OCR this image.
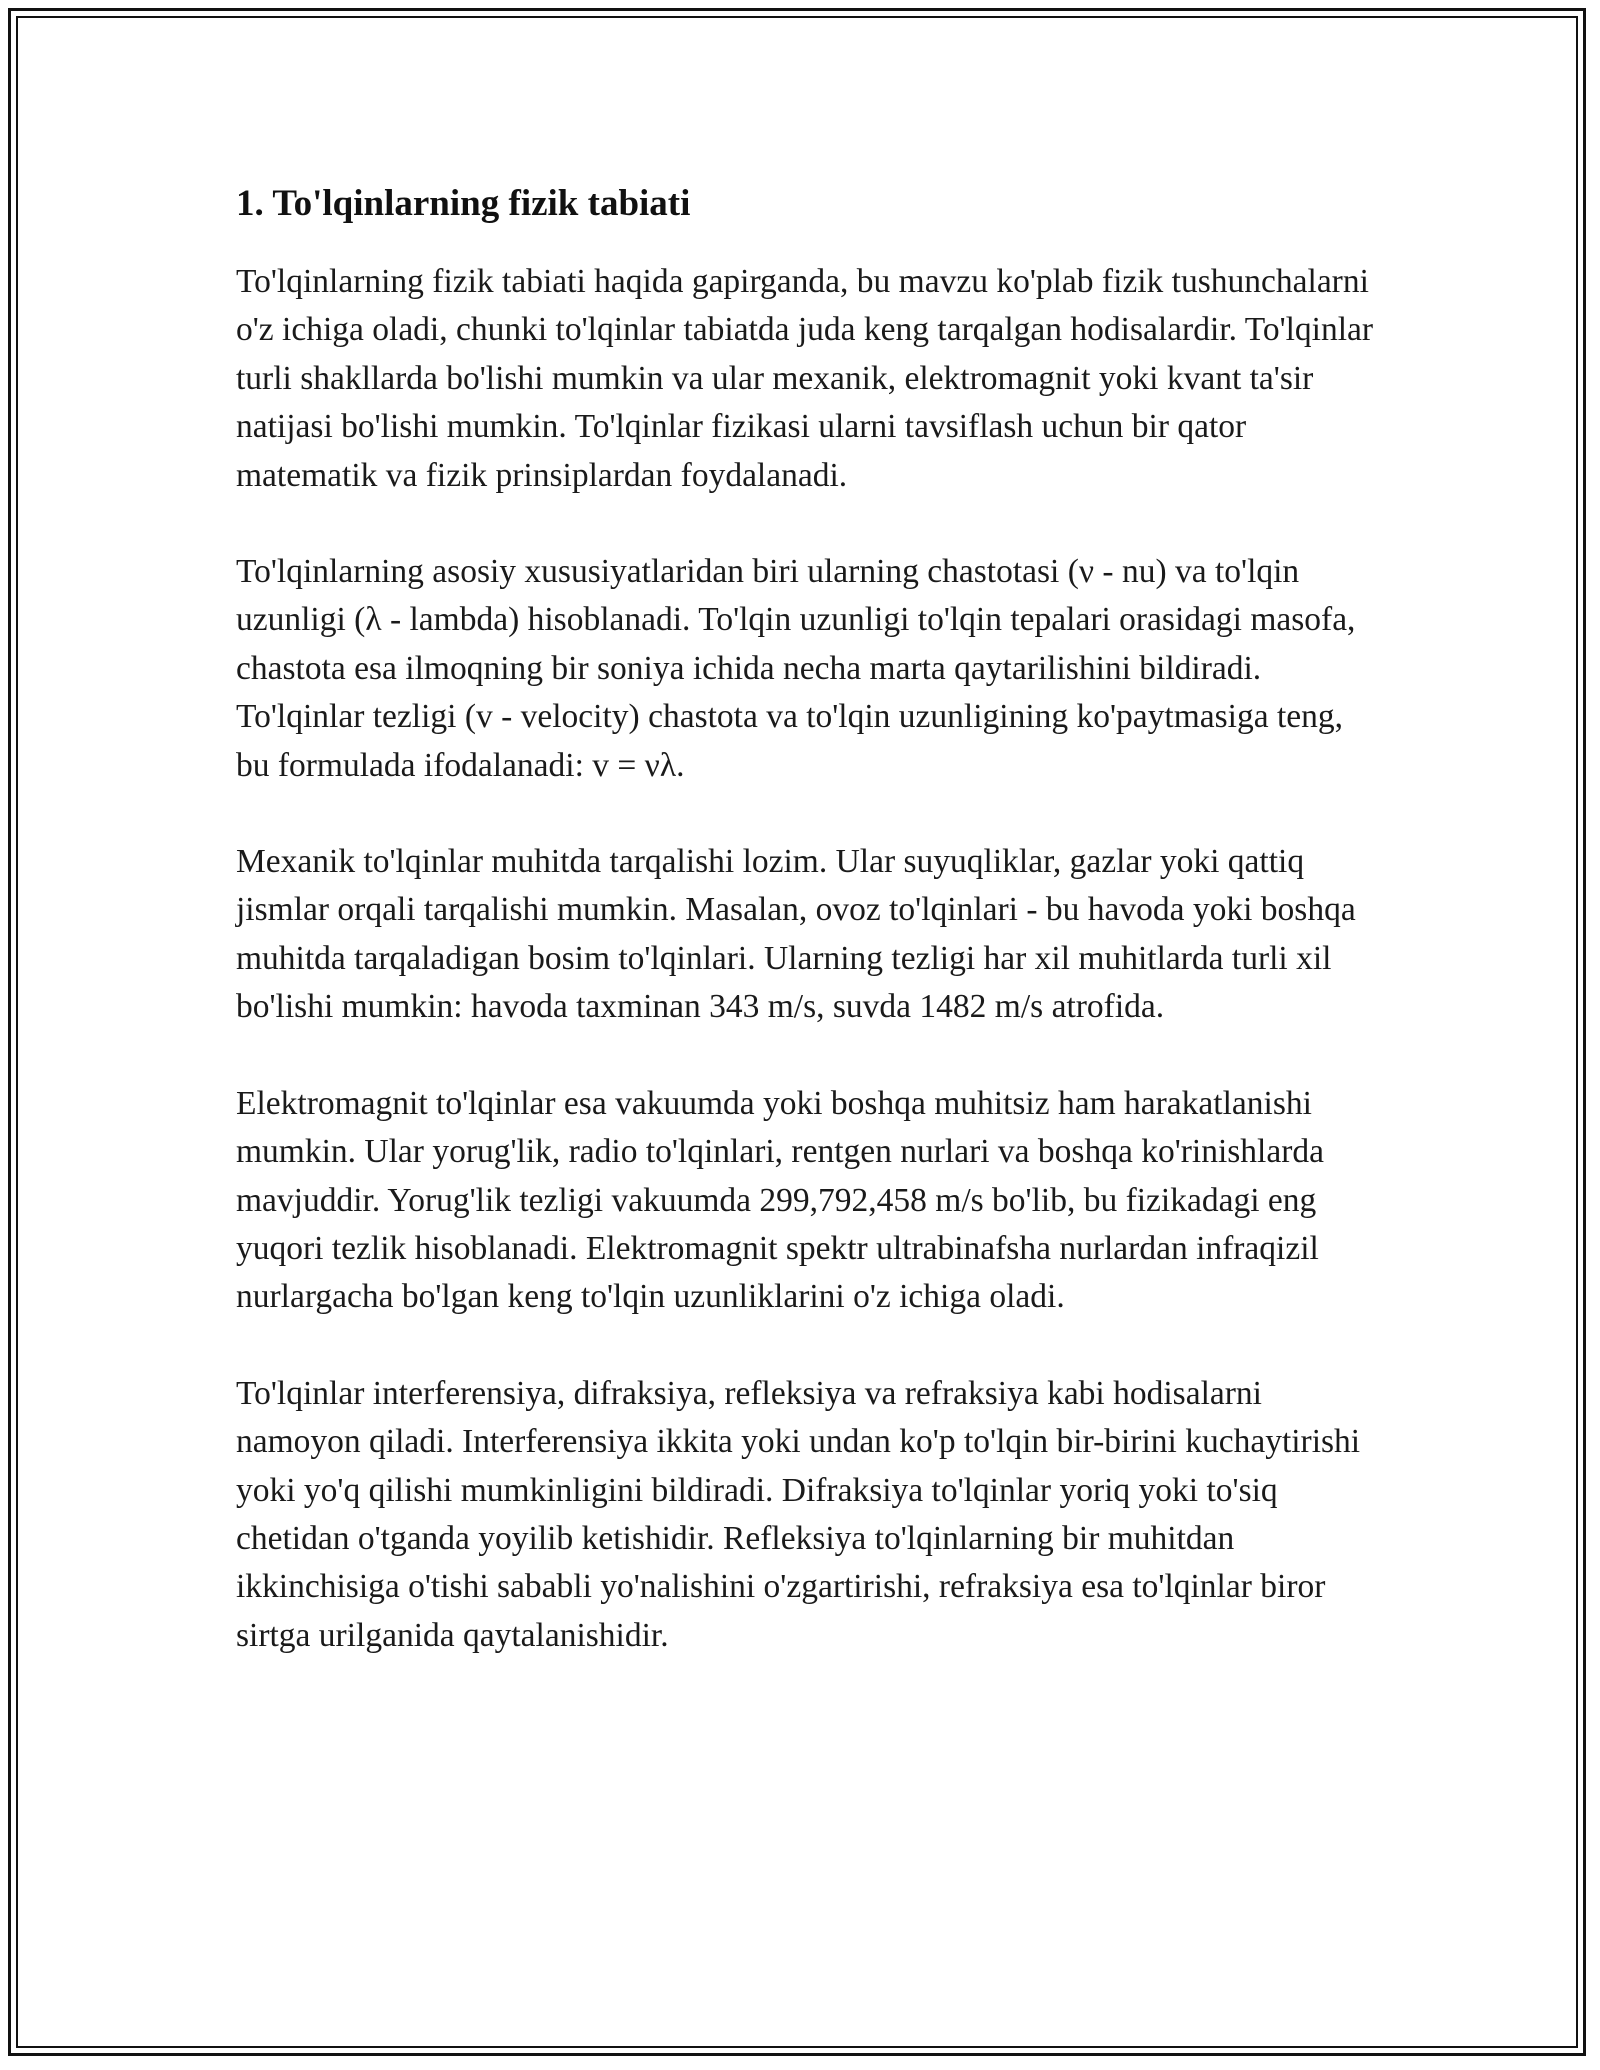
1. To'lqinlarning fizik tabiati

To'lqinlarning fizik tabiati haqida gapirganda, bu mavzu ko'plab fizik tushunchalarni o'z ichiga oladi, chunki to'lqinlar tabiatda juda keng tarqalgan hodisalardir. To'lqinlar turli shakllarda bo'lishi mumkin va ular mexanik, elektromagnit yoki kvant ta'sir natijasi bo'lishi mumkin. To'lqinlar fizikasi ularni tavsiflash uchun bir qator matematik va fizik prinsiplardan foydalanadi.

To'lqinlarning asosiy xususiyatlaridan biri ularning chastotasi (ν - nu) va to'lqin uzunligi (λ - lambda) hisoblanadi. To'lqin uzunligi to'lqin tepalari orasidagi masofa, chastota esa ilmoqning bir soniya ichida necha marta qaytarilishini bildiradi. To'lqinlar tezligi (v - velocity) chastota va to'lqin uzunligining ko'paytmasiga teng, bu formulada ifodalanadi: v = νλ.

Mexanik to'lqinlar muhitda tarqalishi lozim. Ular suyuqliklar, gazlar yoki qattiq jismlar orqali tarqalishi mumkin. Masalan, ovoz to'lqinlari - bu havoda yoki boshqa muhitda tarqaladigan bosim to'lqinlari. Ularning tezligi har xil muhitlarda turli xil bo'lishi mumkin: havoda taxminan 343 m/s, suvda 1482 m/s atrofida.

Elektromagnit to'lqinlar esa vakuumda yoki boshqa muhitsiz ham harakatlanishi mumkin. Ular yorug'lik, radio to'lqinlari, rentgen nurlari va boshqa ko'rinishlarda mavjuddir. Yorug'lik tezligi vakuumda 299,792,458 m/s bo'lib, bu fizikadagi eng yuqori tezlik hisoblanadi. Elektromagnit spektr ultrabinafsha nurlardan infraqizil nurlargacha bo'lgan keng to'lqin uzunliklarini o'z ichiga oladi.

To'lqinlar interferensiya, difraksiya, refleksiya va refraksiya kabi hodisalarni namoyon qiladi. Interferensiya ikkita yoki undan ko'p to'lqin bir-birini kuchaytirishi yoki yo'q qilishi mumkinligini bildiradi. Difraksiya to'lqinlar yoriq yoki to'siq chetidan o'tganda yoyilib ketishidir. Refleksiya to'lqinlarning bir muhitdan ikkinchisiga o'tishi sababli yo'nalishini o'zgartirishi, refraksiya esa to'lqinlar biror sirtga urilganida qaytalanishidir.
